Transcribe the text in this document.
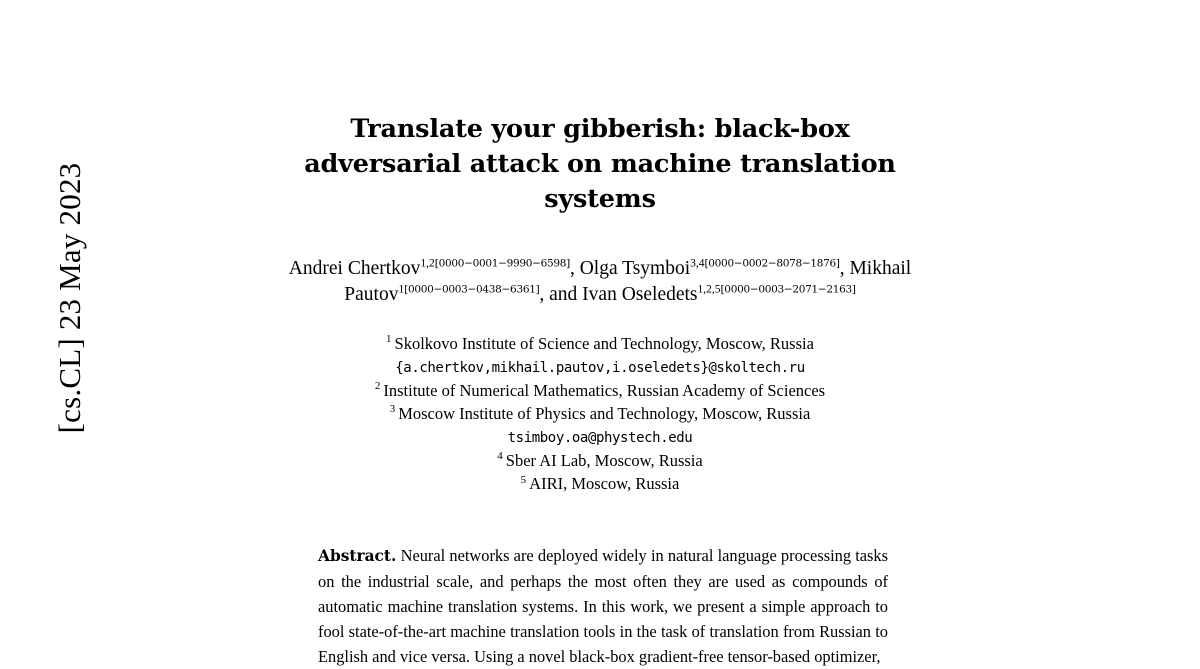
[cs.CL] 23 May 2023
Translate your gibberish: black-box adversarial attack on machine translation systems
Andrei Chertkov$^{1,2[0000-0001-9990-6598]}$, Olga Tsymboi$^{3,4[0000-0002-8078-1876]}$, Mikhail Pautov$^{1[0000-0003-0438-6361]}$, and Ivan Oseledets$^{1,2,5[0000-0003-2071-2163]}$
$^1$ Skolkovo Institute of Science and Technology, Moscow, Russia
{a.chertkov,mikhail.pautov,i.oseledets}@skoltech.ru
$^2$ Institute of Numerical Mathematics, Russian Academy of Sciences
$^3$ Moscow Institute of Physics and Technology, Moscow, Russia
tsimboy.oa@phystech.edu
$^4$ Sber AI Lab, Moscow, Russia
$^5$ AIRI, Moscow, Russia
Abstract. Neural networks are deployed widely in natural language processing tasks on the industrial scale, and perhaps the most often they are used as compounds of automatic machine translation systems. In this work, we present a simple approach to fool state-of-the-art machine translation tools in the task of translation from Russian to English and vice versa. Using a novel black-box gradient-free tensor-based optimizer,
